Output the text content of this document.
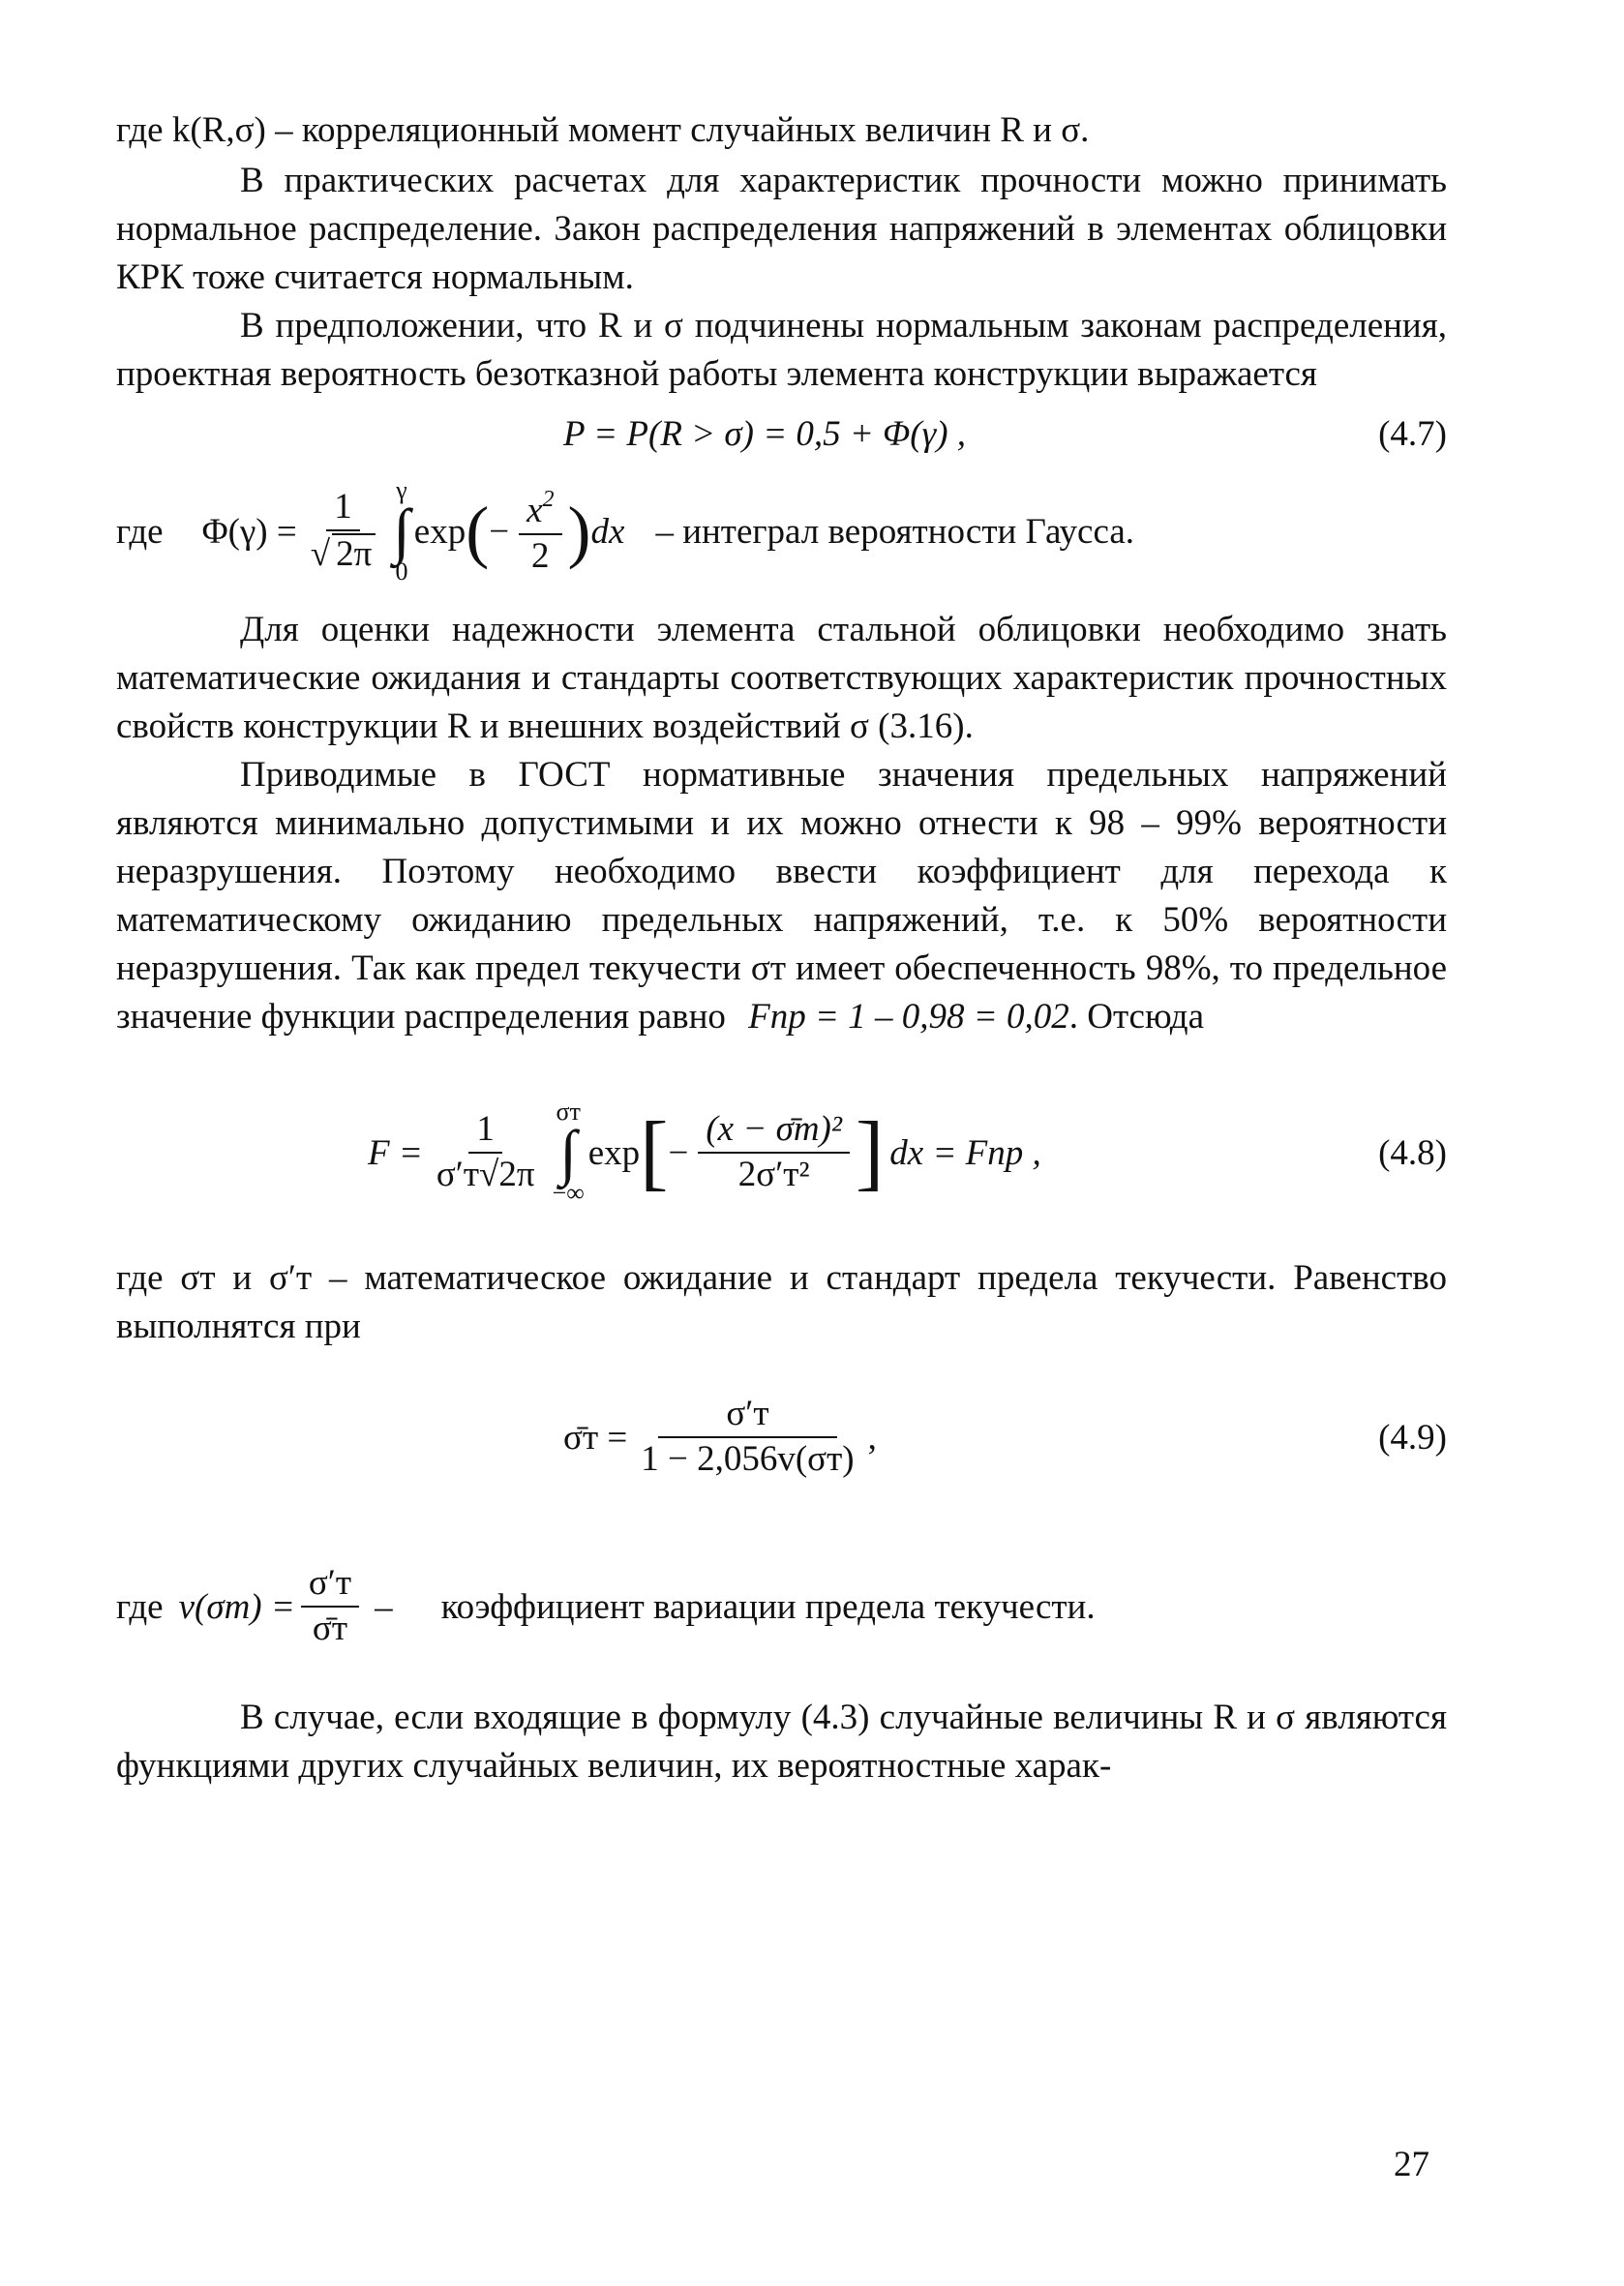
где k(R,σ) – корреляционный момент случайных величин R и σ.

В практических расчетах для характеристик прочности можно принимать нормальное распределение. Закон распределения напряжений в элементах облицовки КРК тоже считается нормальным.

В предположении, что R и σ подчинены нормальным законам распределения, проектная вероятность безотказной работы элемента конструкции выражается

P = P(R > σ) = 0,5 + Φ(γ) ,	(4.7)
где $\Phi(\gamma) = \frac{1}{√ 2\pi}$ γ
∫
0
exp ( − $\frac{x^2}{2}$ ) dx – интеграл вероятности Гаусса.

Для оценки надежности элемента стальной облицовки необходимо знать математические ожидания и стандарты соответствующих характеристик прочностных свойств конструкции R и внешних воздействий σ (3.16).

Приводимые в ГОСТ нормативные значения предельных напряжений являются минимально допустимыми и их можно отнести к 98 – 99% вероятности неразрушения. Поэтому необходимо ввести коэффициент для перехода к математическому ожиданию предельных напряжений, т.е. к 50% вероятности неразрушения. Так как предел текучести σт имеет обеспеченность 98%, то предельное значение функции распределения равно Fпр = 1 – 0,98 = 0,02. Отсюда

$F = \frac{1}{\sigma'т√2\pi}$ σт
∫
−∞
exp [ − $\frac{\text{(x − σ̄т)²}}{\text{2σ′т²}}$ ] dx = Fпр ,	(4.8)

где σт и σ′т – математическое ожидание и стандарт предела текучести. Равенство выполнятся при

σ̄т = $\frac{\sigma'т}{1 - 2,056v(\sigma т)}$ ,	(4.9)
где $v(\sigma т) = \frac{\sigma'т}{\sigmāт}$ – коэффициент вариации предела текучести.

В случае, если входящие в формулу (4.3) случайные величины R и σ являются функциями других случайных величин, их вероятностные харак-

27
